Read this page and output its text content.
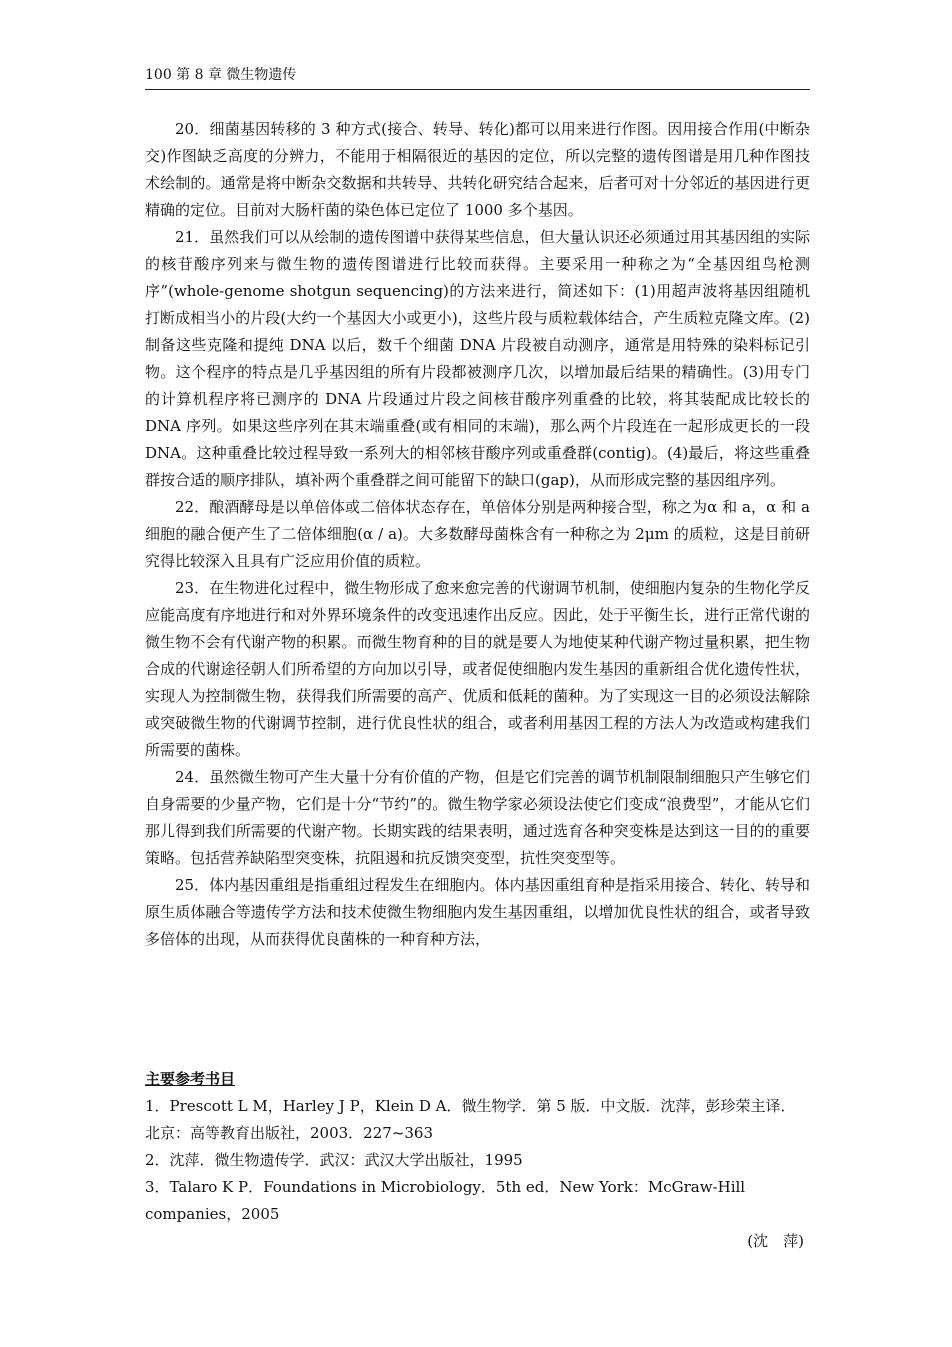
100 第 8 章 微生物遗传

20．细菌基因转移的 3 种方式(接合、转导、转化)都可以用来进行作图。因用接合作用(中断杂交)作图缺乏高度的分辨力，不能用于相隔很近的基因的定位，所以完整的遗传图谱是用几种作图技术绘制的。通常是将中断杂交数据和共转导、共转化研究结合起来，后者可对十分邻近的基因进行更精确的定位。目前对大肠杆菌的染色体已定位了 1000 多个基因。

21．虽然我们可以从绘制的遗传图谱中获得某些信息，但大量认识还必须通过用其基因组的实际的核苷酸序列来与微生物的遗传图谱进行比较而获得。主要采用一种称之为“全基因组鸟枪测序”(whole-genome shotgun sequencing)的方法来进行，简述如下：(1)用超声波将基因组随机打断成相当小的片段(大约一个基因大小或更小)，这些片段与质粒载体结合，产生质粒克隆文库。(2)制备这些克隆和提纯 DNA 以后，数千个细菌 DNA 片段被自动测序，通常是用特殊的染料标记引物。这个程序的特点是几乎基因组的所有片段都被测序几次，以增加最后结果的精确性。(3)用专门的计算机程序将已测序的 DNA 片段通过片段之间核苷酸序列重叠的比较，将其装配成比较长的 DNA 序列。如果这些序列在其末端重叠(或有相同的末端)，那么两个片段连在一起形成更长的一段 DNA。这种重叠比较过程导致一系列大的相邻核苷酸序列或重叠群(contig)。(4)最后，将这些重叠群按合适的顺序排队，填补两个重叠群之间可能留下的缺口(gap)，从而形成完整的基因组序列。

22．酿酒酵母是以单倍体或二倍体状态存在，单倍体分别是两种接合型，称之为α 和 a，α 和 a 细胞的融合便产生了二倍体细胞(α / a)。大多数酵母菌株含有一种称之为 2μm 的质粒，这是目前研究得比较深入且具有广泛应用价值的质粒。

23．在生物进化过程中，微生物形成了愈来愈完善的代谢调节机制，使细胞内复杂的生物化学反应能高度有序地进行和对外界环境条件的改变迅速作出反应。因此，处于平衡生长，进行正常代谢的微生物不会有代谢产物的积累。而微生物育种的目的就是要人为地使某种代谢产物过量积累，把生物合成的代谢途径朝人们所希望的方向加以引导，或者促使细胞内发生基因的重新组合优化遗传性状，实现人为控制微生物，获得我们所需要的高产、优质和低耗的菌种。为了实现这一目的必须设法解除或突破微生物的代谢调节控制，进行优良性状的组合，或者利用基因工程的方法人为改造或构建我们所需要的菌株。

24．虽然微生物可产生大量十分有价值的产物，但是它们完善的调节机制限制细胞只产生够它们自身需要的少量产物，它们是十分“节约”的。微生物学家必须设法使它们变成“浪费型”，才能从它们那儿得到我们所需要的代谢产物。长期实践的结果表明，通过选育各种突变株是达到这一目的的重要策略。包括营养缺陷型突变株，抗阻遏和抗反馈突变型，抗性突变型等。

25．体内基因重组是指重组过程发生在细胞内。体内基因重组育种是指采用接合、转化、转导和原生质体融合等遗传学方法和技术使微生物细胞内发生基因重组，以增加优良性状的组合，或者导致多倍体的出现，从而获得优良菌株的一种育种方法，

主要参考书目

1．Prescott L M，Harley J P，Klein D A．微生物学．第 5 版．中文版．沈萍，彭珍荣主译．北京：高等教育出版社，2003．227~363

2．沈萍．微生物遗传学．武汉：武汉大学出版社，1995

3．Talaro K P．Foundations in Microbiology．5th ed．New York：McGraw-Hill companies，2005

(沈　萍)
